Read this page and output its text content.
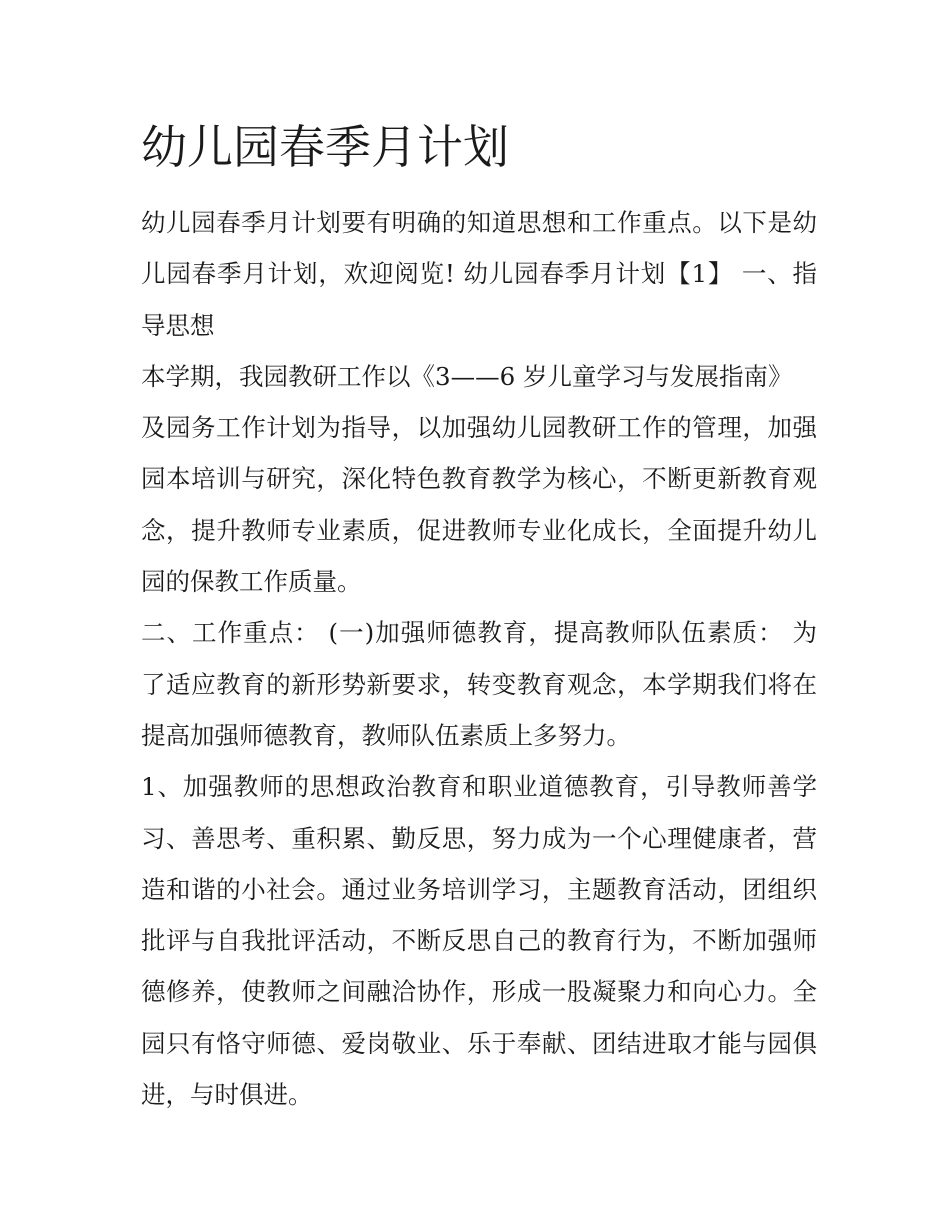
幼儿园春季月计划
幼儿园春季月计划要有明确的知道思想和工作重点。以下是幼
儿园春季月计划，欢迎阅览! 幼儿园春季月计划【1】 一、指
导思想
本学期，我园教研工作以《3——6 岁儿童学习与发展指南》
及园务工作计划为指导，以加强幼儿园教研工作的管理，加强
园本培训与研究，深化特色教育教学为核心，不断更新教育观
念，提升教师专业素质，促进教师专业化成长，全面提升幼儿
园的保教工作质量。
二、工作重点： (一)加强师德教育，提高教师队伍素质： 为
了适应教育的新形势新要求，转变教育观念，本学期我们将在
提高加强师德教育，教师队伍素质上多努力。
1、加强教师的思想政治教育和职业道德教育，引导教师善学
习、善思考、重积累、勤反思，努力成为一个心理健康者，营
造和谐的小社会。通过业务培训学习，主题教育活动，团组织
批评与自我批评活动，不断反思自己的教育行为，不断加强师
德修养，使教师之间融洽协作，形成一股凝聚力和向心力。全
园只有恪守师德、爱岗敬业、乐于奉献、团结进取才能与园俱
进，与时俱进。
